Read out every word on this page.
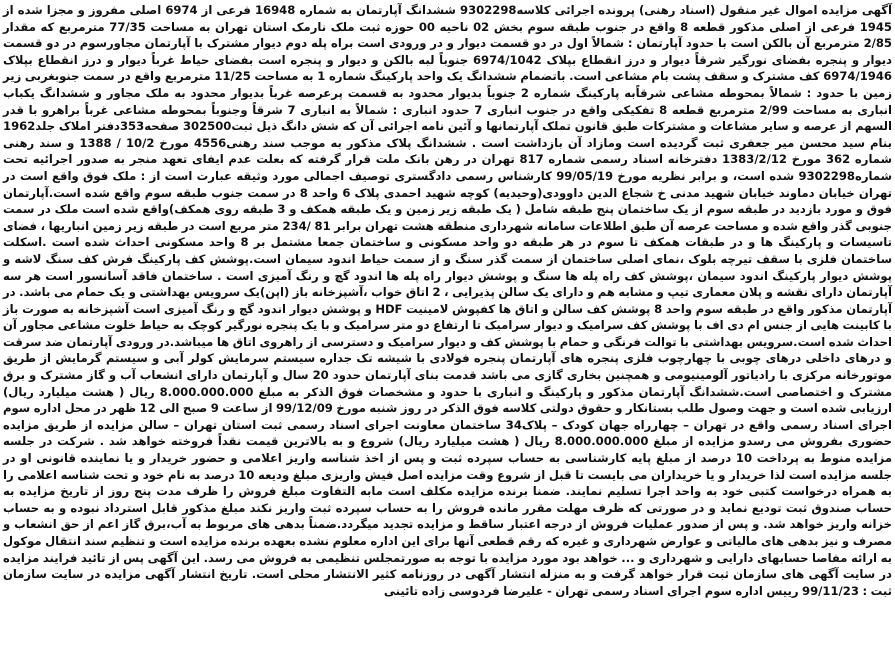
آگهی مزایده اموال غیر منقول (اسناد رهنی) پرونده اجرائی کلاسه9302298 ششدانگ آپارتمان به شماره 16948 فرعی از 6974 اصلی مفروز و مجزا شده از 1945 فرعی از اصلی مذکور قطعه 8 واقع در جنوب طبقه سوم بخش 02 ناحیه 00 حوزه ثبت ملک نارمک استان تهران به مساحت 77/35 مترمربع که مقدار 2/85 مترمربع آن بالکن است با حدود آپارتمان : شمالاً اول در دو قسمت دیوار و در ورودی است براه پله دوم دیوار مشترک با آپارتمان مجاورسوم در دو قسمت دیوار و پنجره بفضای نورگیر شرقاً دیوار و درز انقطاع بپلاک 6974/1042 جنوباً لبه بالکن و دیوار و پنجره است بفضای حیاط غرباً دیوار و درز انقطاع بپلاک 6974/1946 کف مشترک و سقف پشت بام مشاعی است. باتضمام ششدانگ یک واحد پارکینگ شماره 1 به مساحت 11/25 مترمربع واقع در سمت جنوبغربی زیر زمین با حدود : شمالاً بمحوطه مشاعی شرقاًبه پارکینگ شماره 2 جنوباً بدیوار محدود به قسمت پرعرصه غرباً بدیوار محدود به ملک مجاور و ششدانگ یکباب انباری به مساحت 2/99 مترمربع قطعه 8 تفکیکی واقع در جنوب انباری 7 حدود انباری : شمالاً به انباری 7 شرقاً وجنوباً بمحوطه مشاعی غرباً براهرو با قدر السهم از عرصه و سایر مشاعات و مشترکات طبق قانون تملک آپارتمانها و آئین نامه اجرائی آن که شش دانگ ذیل ثبت302500 صفحه353دفتر املاک جلد1962 بنام سید محسن میر جعفری ثبت گردیده است ومازاد آن بازداشت است . ششدانگ پلاک مذکور به موجب سند رهنی4556 مورخ 10/2 / 1388 و سند رهنی شماره 362 مورخ 1383/2/12 دفترخانه اسناد رسمی شماره 817 تهران در رهن بانک ملت قرار گرفته که بعلت عدم ایفای تعهد منجر به صدور اجرائیه تحت شماره9302298 شده است، و برابر نظریه مورخ 99/05/19 کارشناس رسمی دادگستری توصیف اجمالی مورد وثیقه عبارت است از : ملک فوق واقع است در تهران خیابان دماوند خیابان شهید مدنی خ شجاع الدین داوودی(وحیدیه) کوچه شهید احمدی پلاک 6 واحد 8 در سمت جنوب طبقه سوم واقع شده است.آپارتمان فوق و مورد بازدید در طبقه سوم از یک ساختمان پنج طبقه شامل ( یک طبقه زیر زمین و یک طبقه همکف و 3 طبقه روی همکف)واقع شده است ملک در سمت جنوبی گذر واقع شده و مساحت عرصه آن طبق اطلاعات سامانه شهرداری منطقه هشت تهران برابر 81 /234 متر مربع است در طبقه زیر زمین انباریها ، فضای تاسیسات و پارکینگ ها و در طبقات همکف تا سوم در هر طبقه دو واحد مسکونی و ساختمان جمعا مشتمل بر 8 واحد مسکونی احداث شده است .اسکلت ساختمان فلزی با سقف تیرچه بلوک ،نمای اصلی ساختمان از سمت گذر سنگ و از سمت حیاط اندود سیمان است.پوشش کف پارکینگ فرش کف سنگ لاشه و پوشش دیوار پارکینگ اندود سیمان ،پوشش کف راه پله ها سنگ و پوشش دیوار راه پله ها اندود گچ و رنگ آمیزی است . ساختمان فاقد آسانسور است هر سه آپارتمان دارای نقشه و پلان معماری تیپ و مشابه هم و دارای یک سالن پذیرایی ، 2 اتاق خواب ،آشپزخانه باز (اپن)یک سرویس بهداشتی و یک حمام می باشد. در آپارتمان مذکور واقع در طبقه سوم واحد 8 پوشش کف سالن و اتاق ها کفپوش لامینیت HDF و پوشش دیوار اندود گچ و رنگ آمیزی است آشپزخانه به صورت باز با کابینت هایی از جنس ام دی اف با پوشش کف سرامیک و دیوار سرامیک تا ارتفاع دو متر سرامیک و با یک پنجره نورگیر کوچک به حیاط خلوت مشاعی مجاور آن احداث شده است.سرویس بهداشتی با توالت فرنگی و حمام با پوشش کف و دیوار سرامیک و دسترسی از راهروی اتاق ها میباشد.در ورودی آپارتمان ضد سرقت و درهای داخلی درهای چوبی با چهارچوب فلزی پنجره های آپارتمان پنجره فولادی با شیشه تک جداره سیستم سرمایش کولر آبی و سیستم گرمایش از طریق موتورخانه مرکزی با رادیاتور آلومینیومی و همچنین بخاری گازی می باشد قدمت بنای آپارتمان حدود 20 سال و آپارتمان دارای انشعاب آب و گاز مشترک و برق مشترک و اختصاصی است.ششدانگ آپارتمان مذکور و پارکینگ و انباری با حدود و مشخصات فوق الذکر به مبلغ 8.000.000.000 ریال ( هشت میلیارد ریال) ارزیابی شده است و جهت وصول طلب بستانکار و حقوق دولتی کلاسه فوق الذکر در روز شنبه مورخ 99/12/09 از ساعت 9 صبح الی 12 ظهر در محل اداره سوم اجرای اسناد رسمی واقع در تهران – چهارراه جهان کودک – پلاک34 ساختمان معاونت اجرای اسناد رسمی ثبت استان تهران – سالن مزایده از طریق مزایده حضوری بفروش می رسدو مزایده از مبلغ 8.000.000.000 ریال ( هشت میلیارد ریال) شروع و به بالاترین قیمت نقداً فروخته خواهد شد . شرکت در جلسه مزایده منوط به پرداخت 10 درصد از مبلغ پایه کارشناسی به حساب سپرده ثبت و پس از اخذ شناسه واریز اعلامی و حضور خریدار و یا نماینده قانونی او در جلسه مزایده است لذا خریدار و یا خریداران می بایست تا قبل از شروع وقت مزایده اصل فیش واریزی مبلغ ودیعه 10 درصد به نام خود و تحت شناسه اعلامی را به همراه درخواست کتبی خود به واحد اجرا تسلیم نمایند. ضمنا برنده مزایده مکلف است مابه التفاوت مبلغ فروش را ظرف مدت پنج روز از تاریخ مزایده به حساب صندوق ثبت تودیع نماید و در صورتی که ظرف مهلت مقرر مانده فروش را به حساب سپرده ثبت واریز نکند مبلغ مذکور قابل استرداد نبوده و به حساب خزانه واریز خواهد شد. و پس از صدور عملیات فروش از درجه اعتبار ساقط و مزایده تجدید میگردد.ضمناً بدهی های مربوط به آب،برق گاز اعم از حق انشعاب و مصرف و نیز بدهی های مالیاتی و عوارض شهرداری و غیره که رقم قطعی آنها برای این اداره معلوم نشده بعهده برنده مزایده است و تنظیم سند انتقال موکول به ارائه مفاصا حسابهای دارایی و شهرداری و ... خواهد بود مورد مزایده با توجه به صورتمجلس تنظیمی به فروش می رسد. این آگهی پس از تائید فرایند مزایده در سایت آگهی های سازمان ثبت قرار خواهد گرفت و به منزله انتشار آگهی در روزنامه کثیر الانتشار محلی است. تاریخ انتشار آگهی مزایده در سایت سازمان ثبت : 99/11/23 رییس اداره سوم اجرای اسناد رسمی تهران - علیرضا فردوسی زاده تائینی
